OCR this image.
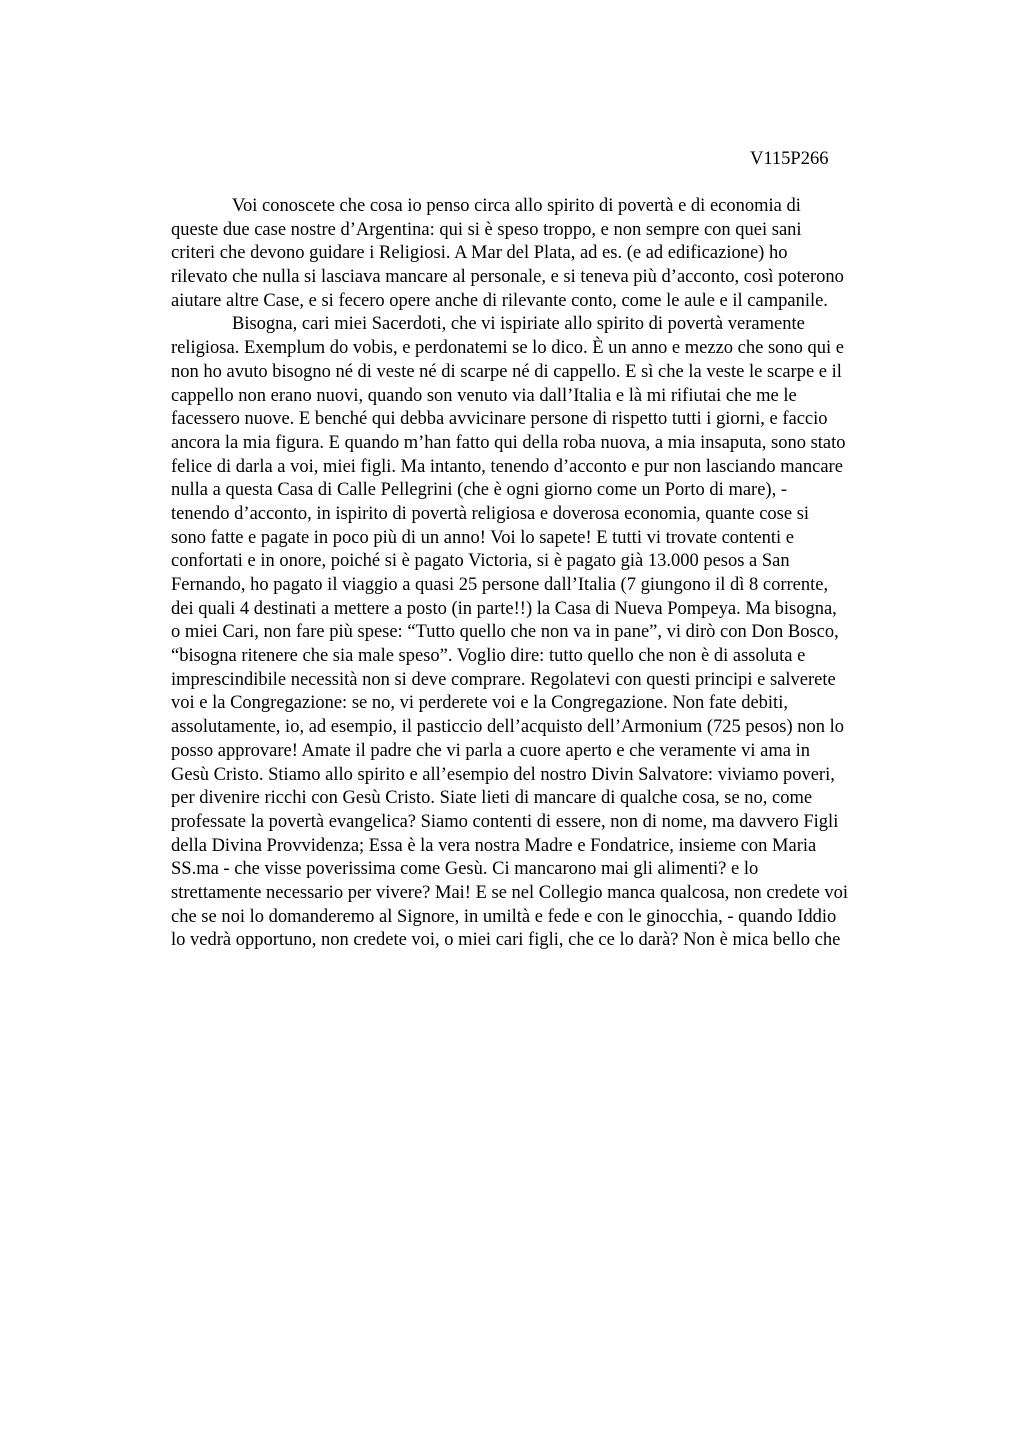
V115P266
Voi conoscete che cosa io penso circa allo spirito di povertà e di economia di
queste due case nostre d’Argentina: qui si è speso troppo, e non sempre con quei sani
criteri che devono guidare i Religiosi. A Mar del Plata, ad es. (e ad edificazione) ho
rilevato che nulla si lasciava mancare al personale, e si teneva più d’acconto, così poterono
aiutare altre Case, e si fecero opere anche di rilevante conto, come le aule e il campanile.
Bisogna, cari miei Sacerdoti, che vi ispiriate allo spirito di povertà veramente
religiosa. Exemplum do vobis, e perdonatemi se lo dico. È un anno e mezzo che sono qui e
non ho avuto bisogno né di veste né di scarpe né di cappello. E sì che la veste le scarpe e il
cappello non erano nuovi, quando son venuto via dall’Italia e là mi rifiutai che me le
facessero nuove. E benché qui debba avvicinare persone di rispetto tutti i giorni, e faccio
ancora la mia figura. E quando m’han fatto qui della roba nuova, a mia insaputa, sono stato
felice di darla a voi, miei figli. Ma intanto, tenendo d’acconto e pur non lasciando mancare
nulla a questa Casa di Calle Pellegrini (che è ogni giorno come un Porto di mare), -
tenendo d’acconto, in ispirito di povertà religiosa e doverosa economia, quante cose si
sono fatte e pagate in poco più di un anno! Voi lo sapete! E tutti vi trovate contenti e
confortati e in onore, poiché si è pagato Victoria, si è pagato già 13.000 pesos a San
Fernando, ho pagato il viaggio a quasi 25 persone dall’Italia (7 giungono il dì 8 corrente,
dei quali 4 destinati a mettere a posto (in parte!!) la Casa di Nueva Pompeya. Ma bisogna,
o miei Cari, non fare più spese: “Tutto quello che non va in pane”, vi dirò con Don Bosco,
“bisogna ritenere che sia male speso”. Voglio dire: tutto quello che non è di assoluta e
imprescindibile necessità non si deve comprare. Regolatevi con questi principi e salverete
voi e la Congregazione: se no, vi perderete voi e la Congregazione. Non fate debiti,
assolutamente, io, ad esempio, il pasticcio dell’acquisto dell’Armonium (725 pesos) non lo
posso approvare! Amate il padre che vi parla a cuore aperto e che veramente vi ama in
Gesù Cristo. Stiamo allo spirito e all’esempio del nostro Divin Salvatore: viviamo poveri,
per divenire ricchi con Gesù Cristo. Siate lieti di mancare di qualche cosa, se no, come
professate la povertà evangelica? Siamo contenti di essere, non di nome, ma davvero Figli
della Divina Provvidenza; Essa è la vera nostra Madre e Fondatrice, insieme con Maria
SS.ma - che visse poverissima come Gesù. Ci mancarono mai gli alimenti? e lo
strettamente necessario per vivere? Mai! E se nel Collegio manca qualcosa, non credete voi
che se noi lo domanderemo al Signore, in umiltà e fede e con le ginocchia, - quando Iddio
lo vedrà opportuno, non credete voi, o miei cari figli, che ce lo darà? Non è mica bello che
